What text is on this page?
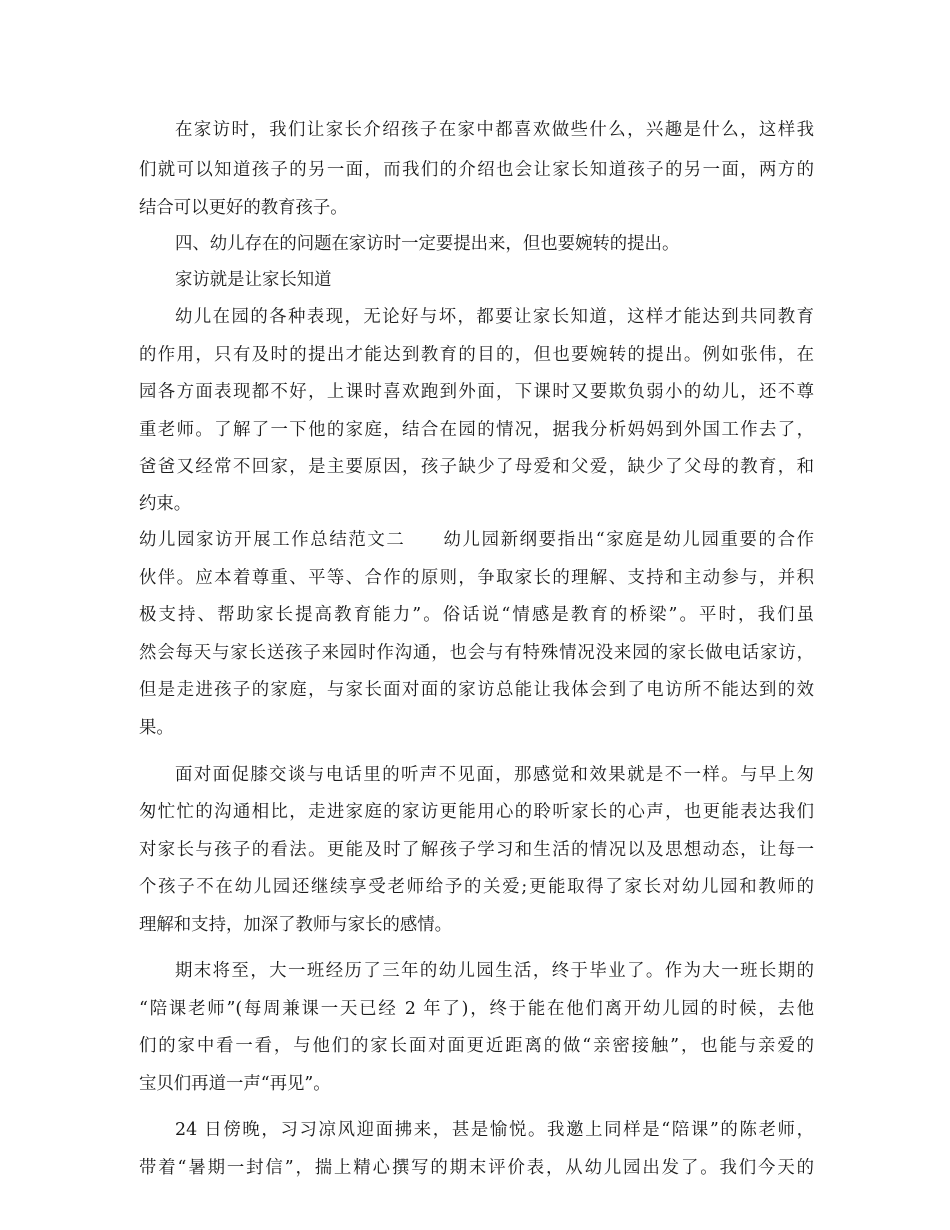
在家访时，我们让家长介绍孩子在家中都喜欢做些什么，兴趣是什么，这样我
们就可以知道孩子的另一面，而我们的介绍也会让家长知道孩子的另一面，两方的
结合可以更好的教育孩子。
四、幼儿存在的问题在家访时一定要提出来，但也要婉转的提出。
家访就是让家长知道
幼儿在园的各种表现，无论好与坏，都要让家长知道，这样才能达到共同教育
的作用，只有及时的提出才能达到教育的目的，但也要婉转的提出。例如张伟，在
园各方面表现都不好，上课时喜欢跑到外面，下课时又要欺负弱小的幼儿，还不尊
重老师。了解了一下他的家庭，结合在园的情况，据我分析妈妈到外国工作去了，
爸爸又经常不回家，是主要原因，孩子缺少了母爱和父爱，缺少了父母的教育，和
约束。
幼儿园家访开展工作总结范文二　　幼儿园新纲要指出“家庭是幼儿园重要的合作
伙伴。应本着尊重、平等、合作的原则，争取家长的理解、支持和主动参与，并积
极支持、帮助家长提高教育能力”。俗话说“情感是教育的桥梁”。平时，我们虽
然会每天与家长送孩子来园时作沟通，也会与有特殊情况没来园的家长做电话家访，
但是走进孩子的家庭，与家长面对面的家访总能让我体会到了电访所不能达到的效
果。
面对面促膝交谈与电话里的听声不见面，那感觉和效果就是不一样。与早上匆
匆忙忙的沟通相比，走进家庭的家访更能用心的聆听家长的心声，也更能表达我们
对家长与孩子的看法。更能及时了解孩子学习和生活的情况以及思想动态，让每一
个孩子不在幼儿园还继续享受老师给予的关爱;更能取得了家长对幼儿园和教师的
理解和支持，加深了教师与家长的感情。
期末将至，大一班经历了三年的幼儿园生活，终于毕业了。作为大一班长期的
“陪课老师”(每周兼课一天已经 2 年了)，终于能在他们离开幼儿园的时候，去他
们的家中看一看，与他们的家长面对面更近距离的做“亲密接触”，也能与亲爱的
宝贝们再道一声“再见”。
24 日傍晚，习习凉风迎面拂来，甚是愉悦。我邀上同样是“陪课”的陈老师，
带着“暑期一封信”，揣上精心撰写的期末评价表，从幼儿园出发了。我们今天的
